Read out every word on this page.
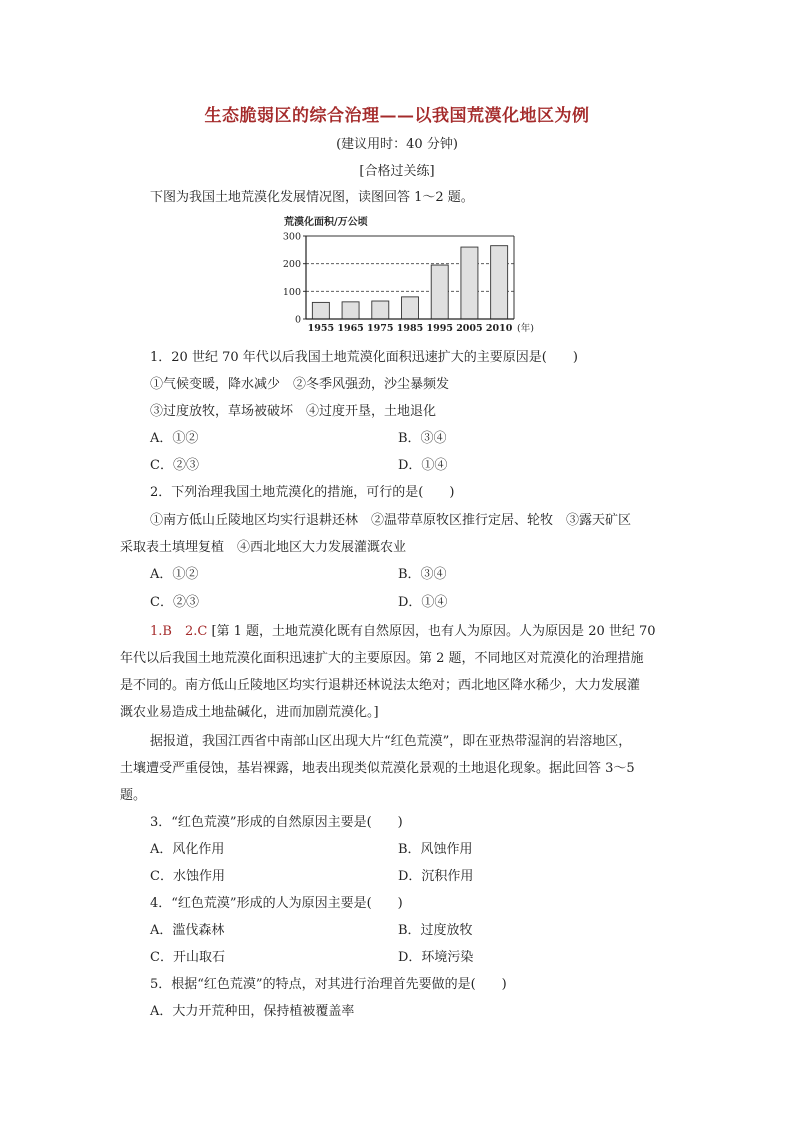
生态脆弱区的综合治理——以我国荒漠化地区为例
(建议用时：40 分钟)
[合格过关练]
下图为我国土地荒漠化发展情况图，读图回答 1～2 题。
荒漠化面积/万公顷
0
100
200
300
1955 1965 1975 1985 1995 2005 2010 (年)
1．20 世纪 70 年代以后我国土地荒漠化面积迅速扩大的主要原因是(　　)
①气候变暖，降水减少　②冬季风强劲，沙尘暴频发
③过度放牧，草场被破坏　④过度开垦，土地退化
A．①②	B．③④
C．②③	D．①④
2．下列治理我国土地荒漠化的措施，可行的是(　　)
①南方低山丘陵地区均实行退耕还林　②温带草原牧区推行定居、轮牧　③露天矿区
采取表土填埋复植　④西北地区大力发展灌溉农业
A．①②	B．③④
C．②③	D．①④
1.B　2.C [第 1 题，土地荒漠化既有自然原因，也有人为原因。人为原因是 20 世纪 70
年代以后我国土地荒漠化面积迅速扩大的主要原因。第 2 题，不同地区对荒漠化的治理措施
是不同的。南方低山丘陵地区均实行退耕还林说法太绝对；西北地区降水稀少，大力发展灌
溉农业易造成土地盐碱化，进而加剧荒漠化。]
据报道，我国江西省中南部山区出现大片“红色荒漠”，即在亚热带湿润的岩溶地区，
土壤遭受严重侵蚀，基岩裸露，地表出现类似荒漠化景观的土地退化现象。据此回答 3～5
题。
3．“红色荒漠”形成的自然原因主要是(　　)
A．风化作用	B．风蚀作用
C．水蚀作用	D．沉积作用
4．“红色荒漠”形成的人为原因主要是(　　)
A．滥伐森林	B．过度放牧
C．开山取石	D．环境污染
5．根据“红色荒漠”的特点，对其进行治理首先要做的是(　　)
A．大力开荒种田，保持植被覆盖率
